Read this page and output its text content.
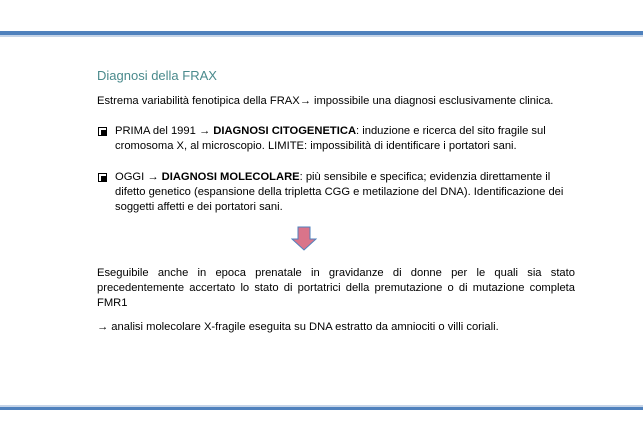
Diagnosi della FRAX
Estrema variabilità fenotipica della FRAX→ impossibile una diagnosi esclusivamente clinica.
PRIMA del 1991 → DIAGNOSI CITOGENETICA: induzione e ricerca del sito fragile sul cromosoma X, al microscopio. LIMITE: impossibilità di identificare i portatori sani.
OGGI → DIAGNOSI MOLECOLARE: più sensibile e specifica; evidenzia direttamente il difetto genetico (espansione della tripletta CGG e metilazione del DNA). Identificazione dei soggetti affetti e dei portatori sani.
Eseguibile anche in epoca prenatale in gravidanze di donne per le quali sia stato precedentemente accertato lo stato di portatrici della premutazione o di mutazione completa FMR1
→ analisi molecolare X-fragile eseguita su DNA estratto da amniociti o villi coriali.
